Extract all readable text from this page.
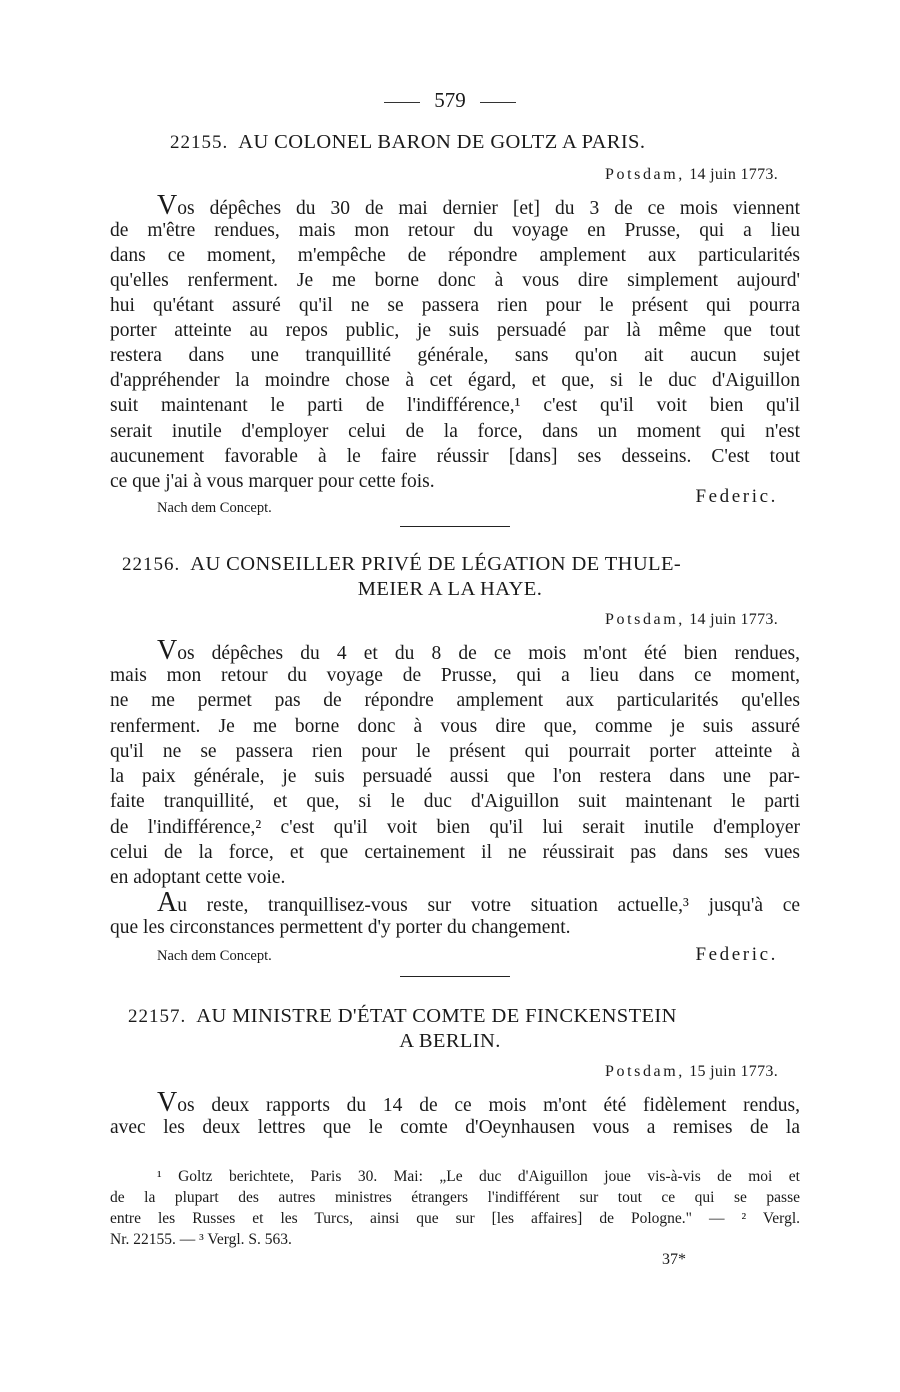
579
22155. AU COLONEL BARON DE GOLTZ A PARIS.
Potsdam, 14 juin 1773.
Vos dépêches du 30 de mai dernier [et] du 3 de ce mois viennent
de m'être rendues, mais mon retour du voyage en Prusse, qui a lieu
dans ce moment, m'empêche de répondre amplement aux particularités
qu'elles renferment. Je me borne donc à vous dire simplement aujourd'
hui qu'étant assuré qu'il ne se passera rien pour le présent qui pourra
porter atteinte au repos public, je suis persuadé par là même que tout
restera dans une tranquillité générale, sans qu'on ait aucun sujet
d'appréhender la moindre chose à cet égard, et que, si le duc d'Aiguillon
suit maintenant le parti de l'indifférence,¹ c'est qu'il voit bien qu'il
serait inutile d'employer celui de la force, dans un moment qui n'est
aucunement favorable à le faire réussir [dans] ses desseins. C'est tout
ce que j'ai à vous marquer pour cette fois.
Federic.
Nach dem Concept.
22156. AU CONSEILLER PRIVÉ DE LÉGATION DE THULE-
MEIER A LA HAYE.
Potsdam, 14 juin 1773.
Vos dépêches du 4 et du 8 de ce mois m'ont été bien rendues,
mais mon retour du voyage de Prusse, qui a lieu dans ce moment,
ne me permet pas de répondre amplement aux particularités qu'elles
renferment. Je me borne donc à vous dire que, comme je suis assuré
qu'il ne se passera rien pour le présent qui pourrait porter atteinte à
la paix générale, je suis persuadé aussi que l'on restera dans une par-
faite tranquillité, et que, si le duc d'Aiguillon suit maintenant le parti
de l'indifférence,² c'est qu'il voit bien qu'il lui serait inutile d'employer
celui de la force, et que certainement il ne réussirait pas dans ses vues
en adoptant cette voie.
Au reste, tranquillisez-vous sur votre situation actuelle,³ jusqu'à ce
que les circonstances permettent d'y porter du changement.
Nach dem Concept.	Federic.
22157. AU MINISTRE D'ÉTAT COMTE DE FINCKENSTEIN
A BERLIN.
Potsdam, 15 juin 1773.
Vos deux rapports du 14 de ce mois m'ont été fidèlement rendus,
avec les deux lettres que le comte d'Oeynhausen vous a remises de la
¹ Goltz berichtete, Paris 30. Mai: „Le duc d'Aiguillon joue vis-à-vis de moi et
de la plupart des autres ministres étrangers l'indifférent sur tout ce qui se passe
entre les Russes et les Turcs, ainsi que sur [les affaires] de Pologne." — ² Vergl.
Nr. 22155. — ³ Vergl. S. 563.
37*
